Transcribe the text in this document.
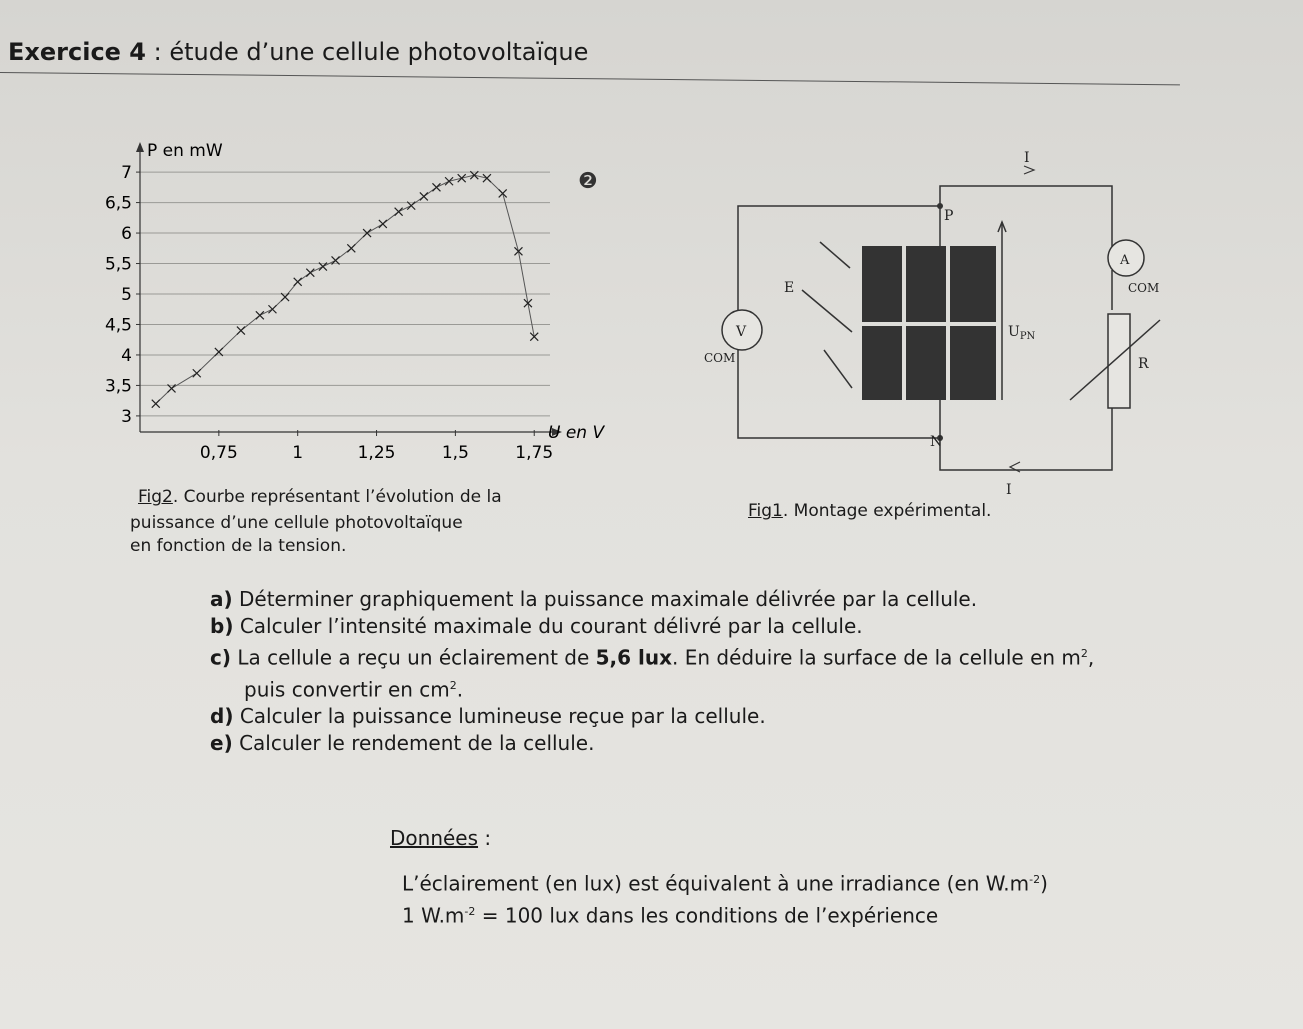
Exercice 4 : étude d’une cellule photovoltaïque
7
6,5
6
5,5
5
4,5
4
3,5
3
0,75	1	1,25	1,5	1,75
P en mW
U en V
❷
Fig2. Courbe représentant l’évolution de la
puissance d’une cellule photovoltaïque
en fonction de la tension.
I
P
E
V
COM
A
COM
$U_{PN}$
R
N
I
Fig1. Montage expérimental.

a) Déterminer graphiquement la puissance maximale délivrée par la cellule.

b) Calculer l’intensité maximale du courant délivré par la cellule.

c) La cellule a reçu un éclairement de 5,6 lux. En déduire la surface de la cellule en $m^2$,
puis convertir en $cm^2$.

d) Calculer la puissance lumineuse reçue par la cellule.

e) Calculer le rendement de la cellule.

Données :

L’éclairement (en lux) est équivalent à une irradiance (en $W.m^{-2}$)

1 $W.m^{-2} = 100$ lux dans les conditions de l’expérience
